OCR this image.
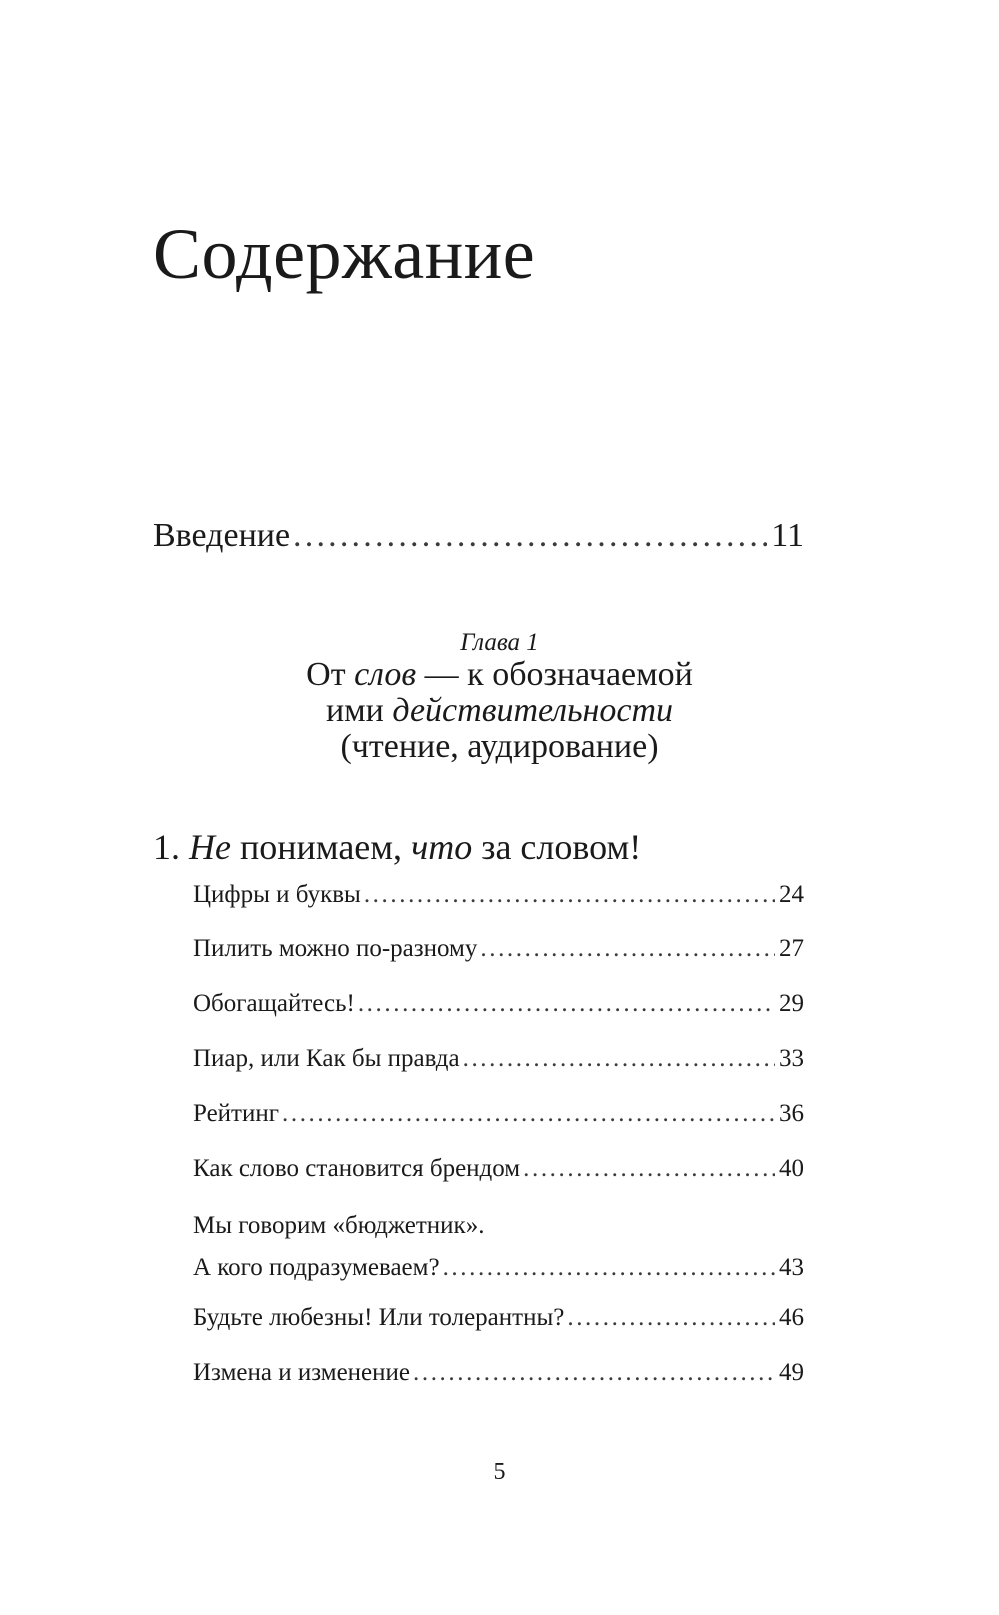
Содержание
Введение .....	11
Глава 1
От слов — к обозначаемой
ими действительности
(чтение, аудирование)
1. Не понимаем, что за словом!
Цифры и буквы .....	24
Пилить можно по-разному .....	27
Обогащайтесь! .....	29
Пиар, или Как бы правда .....	33
Рейтинг .....	36
Как слово становится брендом .....	40
Мы говорим «бюджетник».
А кого подразумеваем? .....	43
Будьте любезны! Или толерантны? .....	46
Измена и изменение .....	49
5
